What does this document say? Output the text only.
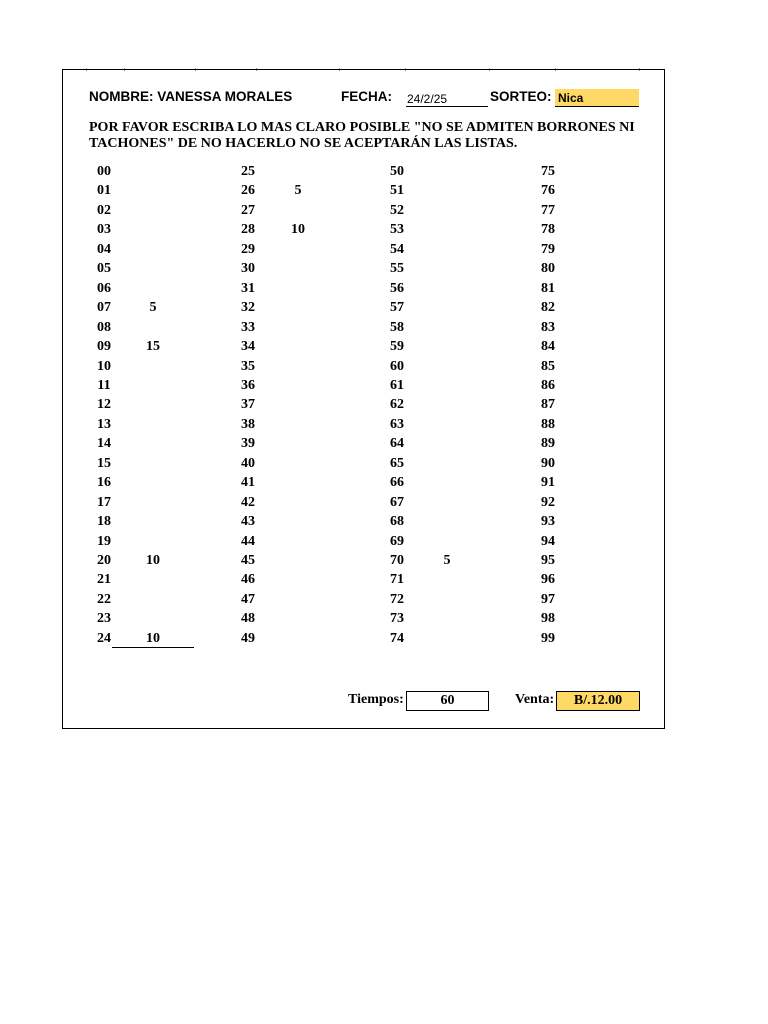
NOMBRE: VANESSA MORALES	FECHA: 24/2/25	SORTEO: Nica
POR FAVOR ESCRIBA LO MAS CLARO POSIBLE "NO SE ADMITEN BORRONES NI TACHONES" DE NO HACERLO NO SE ACEPTARÁN LAS LISTAS.
00
01
02
03
04
05
06
07	5
08
09	15
10
11
12
13
14
15
16
17
18
19
20	10
21
22
23
24	10
25
26	5
27
28	10
29
30
31
32
33
34
35
36
37
38
39
40
41
42
43
44
45
46
47
48
49
50
51
52
53
54
55
56
57
58
59
60
61
62
63
64
65
66
67
68
69
70	5
71
72
73
74
75
76
77
78
79
80
81
82
83
84
85
86
87
88
89
90
91
92
93
94
95
96
97
98
99
Tiempos:	60	Venta:	B/.12.00
